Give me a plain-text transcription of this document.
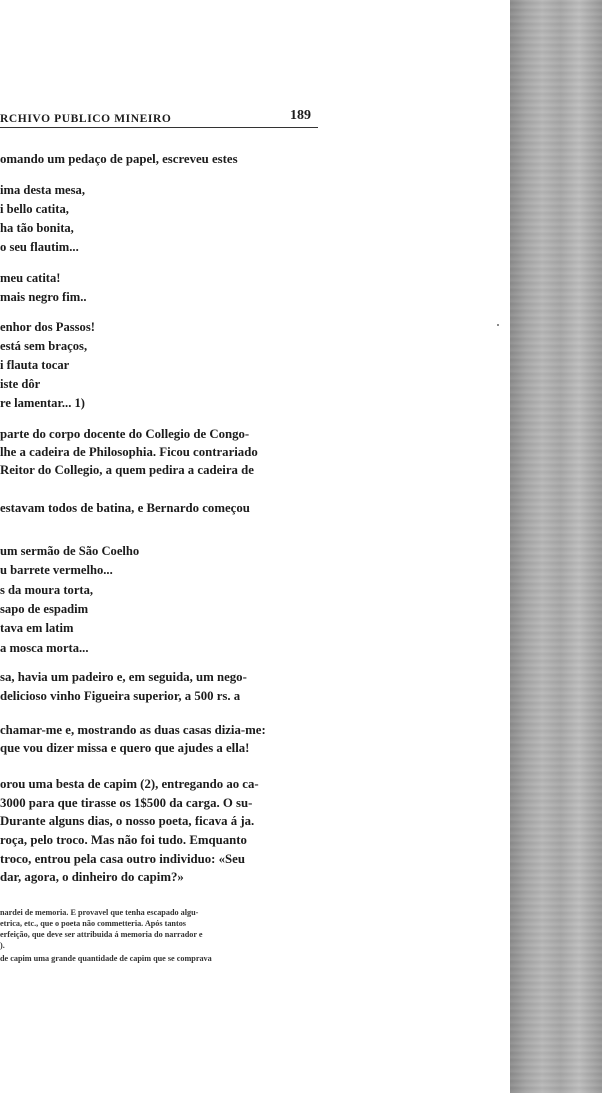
RCHIVO PUBLICO MINEIRO	189
omando um pedaço de papel, escreveu estes
ima desta mesa,
i bello catita,
ha tão bonita,
o seu flautim...
meu catita!
mais negro fim..
enhor dos Passos!
está sem braços,
i flauta tocar
iste dôr
re lamentar... 1)
parte do corpo docente do Collegio de Congo-
lhe a cadeira de Philosophia. Ficou contrariado
Reitor do Collegio, a quem pedira a cadeira de
estavam todos de batina, e Bernardo começou
um sermão de São Coelho
u barrete vermelho...
s da moura torta,
sapo de espadim
tava em latim
a mosca morta...
sa, havia um padeiro e, em seguida, um nego-
delicioso vinho Figueira superior, a 500 rs. a
chamar-me e, mostrando as duas casas dizia-me:
que vou dizer missa e quero que ajudes a ella!
orou uma besta de capim (2), entregando ao ca-
3000 para que tirasse os 1$500 da carga. O su-
Durante alguns dias, o nosso poeta, ficava á ja.
roça, pelo troco. Mas não foi tudo. Emquanto
troco, entrou pela casa outro individuo: «Seu
dar, agora, o dinheiro do capim?»
nardei de memoria. E provavel que tenha escapado algu-
etrica, etc., que o poeta não commetteria. Após tantos
erfeição, que deve ser attribuida á memoria do narrador e
).
de capim uma grande quantidade de capim que se comprava
